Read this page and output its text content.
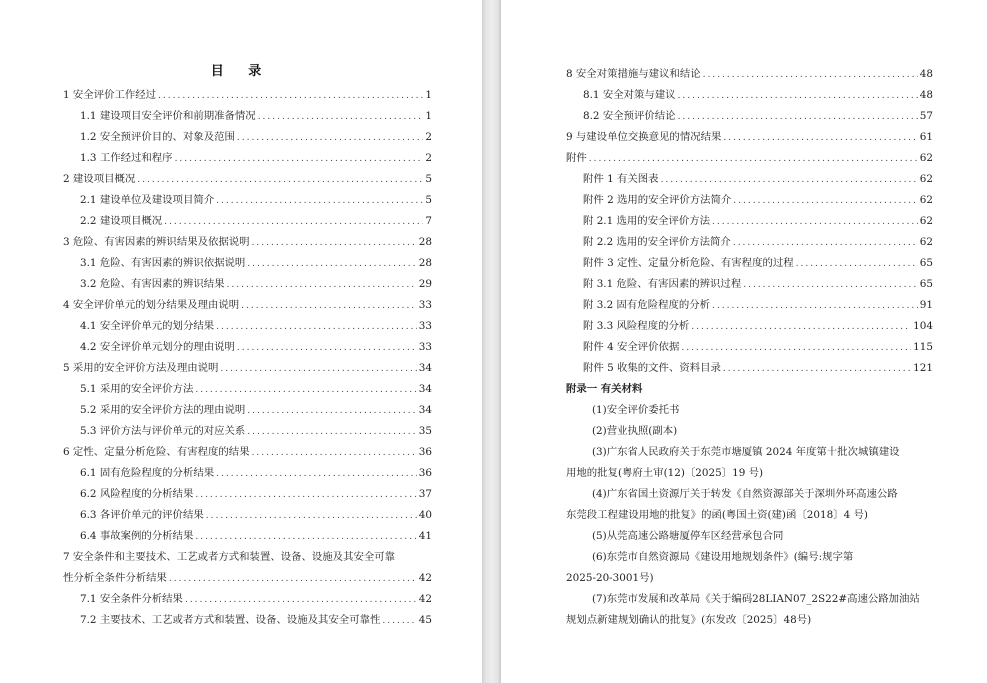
目 录
1 安全评价工作经过 .....	1
1.1 建设项目安全评价和前期准备情况 .....	1
1.2 安全预评价目的、对象及范围 .....	2
1.3 工作经过和程序 .....	2
2 建设项目概况 .....	5
2.1 建设单位及建设项目简介 .....	5
2.2 建设项目概况 .....	7
3 危险、有害因素的辨识结果及依据说明 .....	28
3.1 危险、有害因素的辨识依据说明 .....	28
3.2 危险、有害因素的辨识结果 .....	29
4 安全评价单元的划分结果及理由说明 .....	33
4.1 安全评价单元的划分结果 .....	33
4.2 安全评价单元划分的理由说明 .....	33
5 采用的安全评价方法及理由说明 .....	34
5.1 采用的安全评价方法 .....	34
5.2 采用的安全评价方法的理由说明 .....	34
5.3 评价方法与评价单元的对应关系 .....	35
6 定性、定量分析危险、有害程度的结果 .....	36
6.1 固有危险程度的分析结果 .....	36
6.2 风险程度的分析结果 .....	37
6.3 各评价单元的评价结果 .....	40
6.4 事故案例的分析结果 .....	41
7 安全条件和主要技术、工艺或者方式和装置、设备、设施及其安全可靠
性分析全条件分析结果 .....	42
7.1 安全条件分析结果 .....	42
7.2 主要技术、工艺或者方式和装置、设备、设施及其安全可靠性 .....	45
8 安全对策措施与建议和结论 .....	48
8.1 安全对策与建议 .....	48
8.2 安全预评价结论 .....	57
9 与建设单位交换意见的情况结果 .....	61
附件 .....	62
附件 1 有关图表 .....	62
附件 2 选用的安全评价方法简介 .....	62
附 2.1 选用的安全评价方法 .....	62
附 2.2 选用的安全评价方法简介 .....	62
附件 3 定性、定量分析危险、有害程度的过程 .....	65
附 3.1 危险、有害因素的辨识过程 .....	65
附 3.2 固有危险程度的分析 .....	91
附 3.3 风险程度的分析 .....	104
附件 4 安全评价依据 .....	115
附件 5 收集的文件、资料目录 .....	121
附录一 有关材料
(1)安全评价委托书
(2)营业执照(副本)
(3)广东省人民政府关于东莞市塘厦镇 2024 年度第十批次城镇建设
用地的批复(粤府土审(12)〔2025〕19 号)
(4)广东省国土资源厅关于转发《自然资源部关于深圳外环高速公路
东莞段工程建设用地的批复》的函(粤国土资(建)函〔2018〕4 号)
(5)从莞高速公路塘厦停车区经营承包合同
(6)东莞市自然资源局《建设用地规划条件》(编号:规字第
2025-20-3001号)
(7)东莞市发展和改革局《关于编码28LIAN07_2S22#高速公路加油站
规划点新建规划确认的批复》(东发改〔2025〕48号)
